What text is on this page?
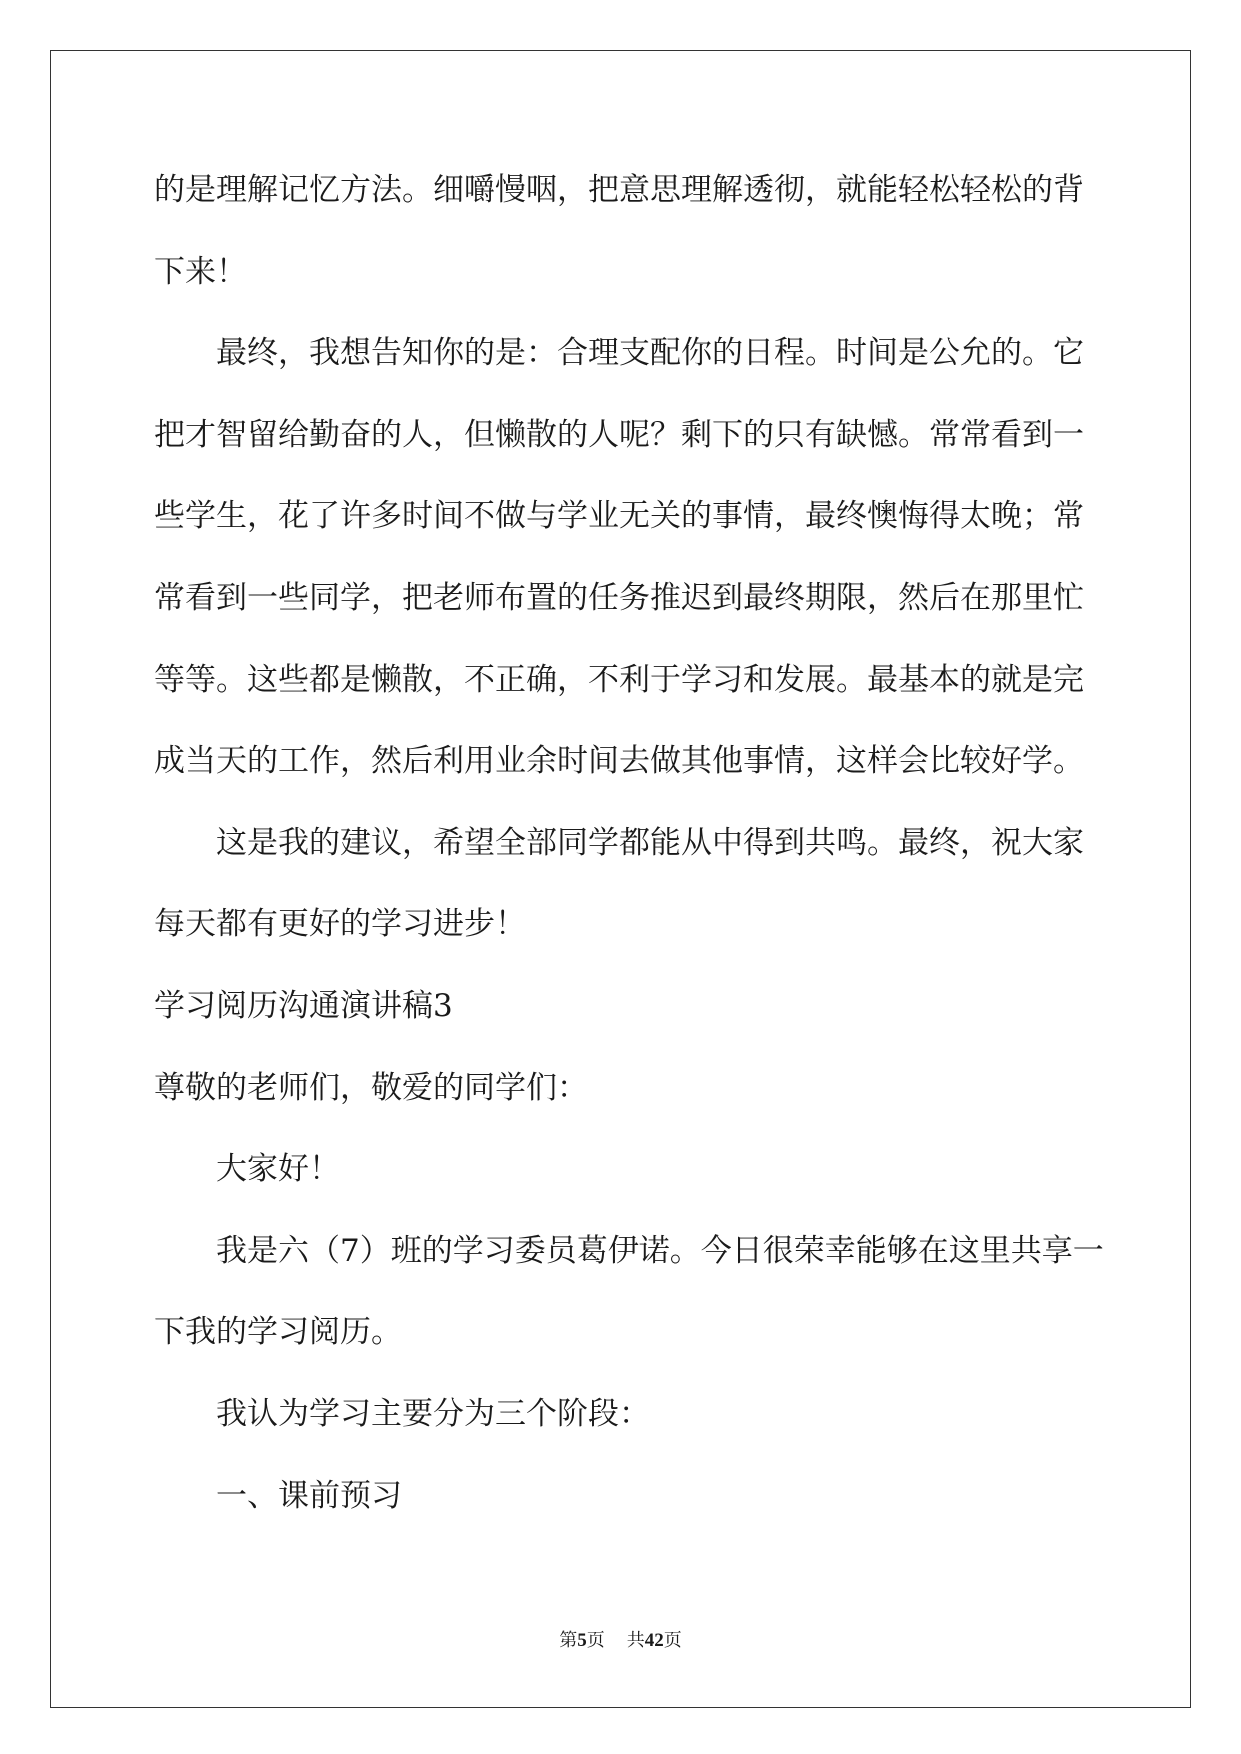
的是理解记忆方法。细嚼慢咽，把意思理解透彻，就能轻松轻松的背
下来！
最终，我想告知你的是：合理支配你的日程。时间是公允的。它
把才智留给勤奋的人，但懒散的人呢？剩下的只有缺憾。常常看到一
些学生，花了许多时间不做与学业无关的事情，最终懊悔得太晚；常
常看到一些同学，把老师布置的任务推迟到最终期限，然后在那里忙
等等。这些都是懒散，不正确，不利于学习和发展。最基本的就是完
成当天的工作，然后利用业余时间去做其他事情，这样会比较好学。
这是我的建议，希望全部同学都能从中得到共鸣。最终，祝大家
每天都有更好的学习进步！
学习阅历沟通演讲稿3
尊敬的老师们，敬爱的同学们：
大家好！
我是六（7）班的学习委员葛伊诺。今日很荣幸能够在这里共享一
下我的学习阅历。
我认为学习主要分为三个阶段：
一、课前预习
第5页 共42页
